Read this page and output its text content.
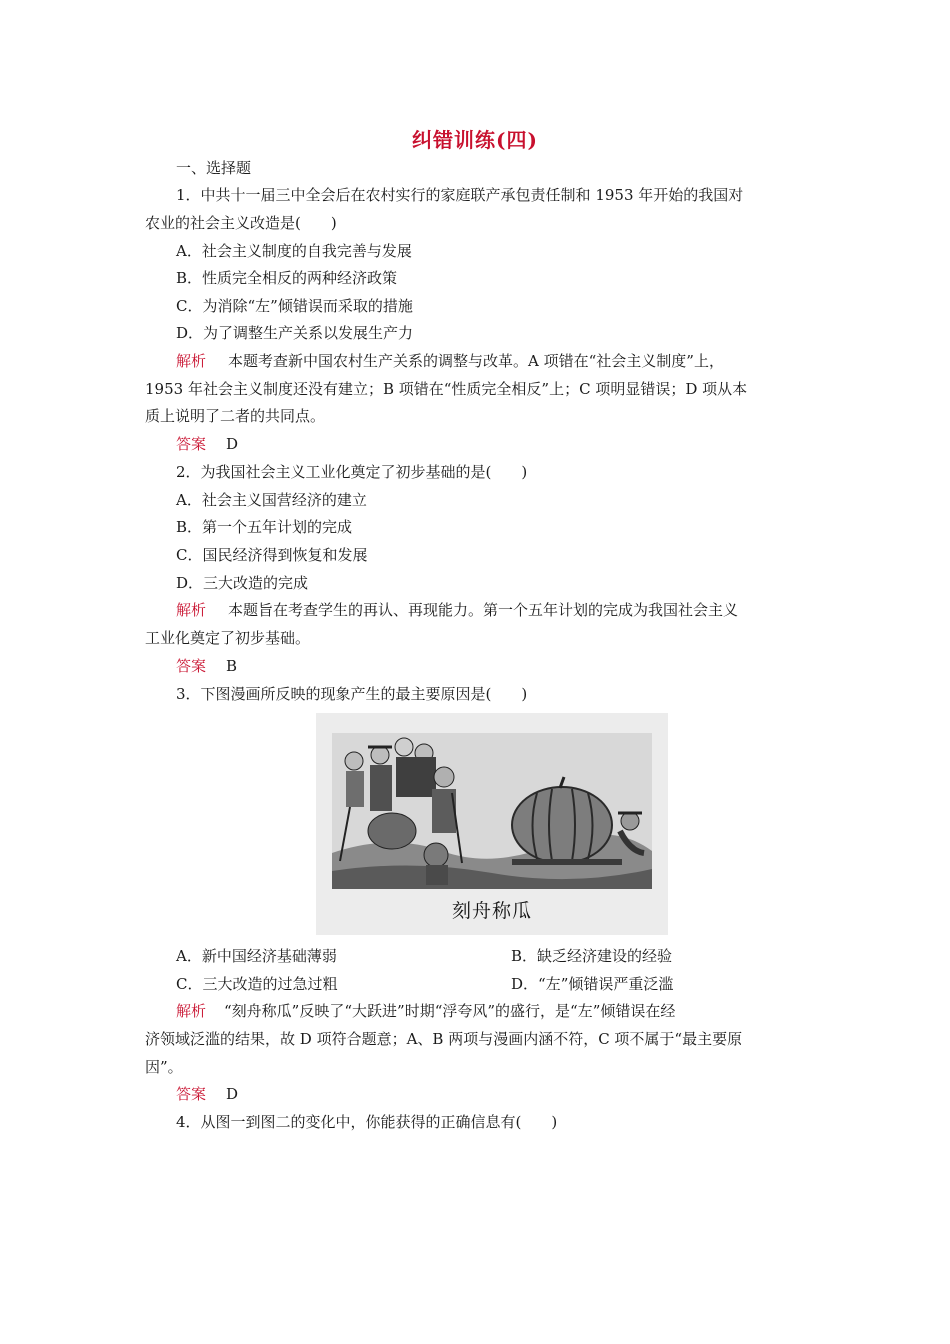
纠错训练(四)
一、选择题
1．中共十一届三中全会后在农村实行的家庭联产承包责任制和 1953 年开始的我国对
农业的社会主义改造是(　　)
A．社会主义制度的自我完善与发展
B．性质完全相反的两种经济政策
C．为消除“左”倾错误而采取的措施
D．为了调整生产关系以发展生产力
解析 本题考查新中国农村生产关系的调整与改革。A 项错在“社会主义制度”上，
1953 年社会主义制度还没有建立；B 项错在“性质完全相反”上；C 项明显错误；D 项从本
质上说明了二者的共同点。
答案 D
2．为我国社会主义工业化奠定了初步基础的是(　　)
A．社会主义国营经济的建立
B．第一个五年计划的完成
C．国民经济得到恢复和发展
D．三大改造的完成
解析 本题旨在考查学生的再认、再现能力。第一个五年计划的完成为我国社会主义
工业化奠定了初步基础。
答案 B
3．下图漫画所反映的现象产生的最主要原因是(　　)
刻舟称瓜
A．新中国经济基础薄弱	B．缺乏经济建设的经验
C．三大改造的过急过粗	D．“左”倾错误严重泛滥
解析 “刻舟称瓜”反映了“大跃进”时期“浮夸风”的盛行，是“左”倾错误在经
济领域泛滥的结果，故 D 项符合题意；A、B 两项与漫画内涵不符，C 项不属于“最主要原
因”。
答案 D
4．从图一到图二的变化中，你能获得的正确信息有(　　)
